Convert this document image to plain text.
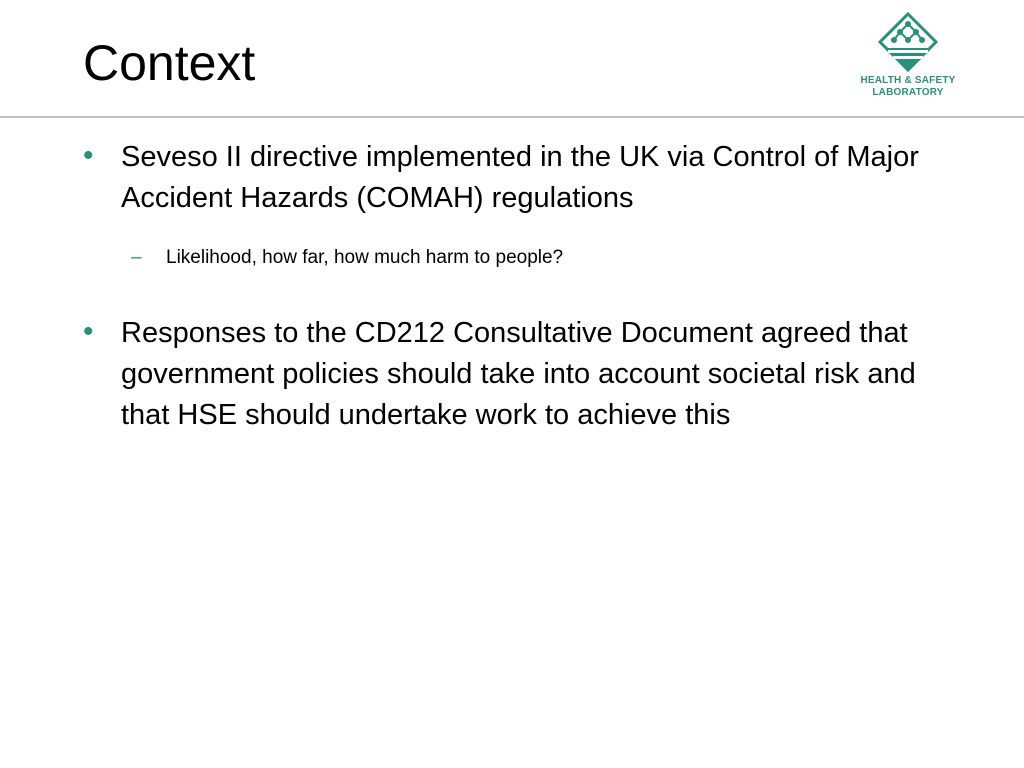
Context	HEALTH & SAFETY
LABORATORY
• Seveso II directive implemented in the UK via Control of Major Accident Hazards (COMAH) regulations
– Likelihood, how far, how much harm to people?
• Responses to the CD212 Consultative Document agreed that government policies should take into account societal risk and that HSE should undertake work to achieve this
